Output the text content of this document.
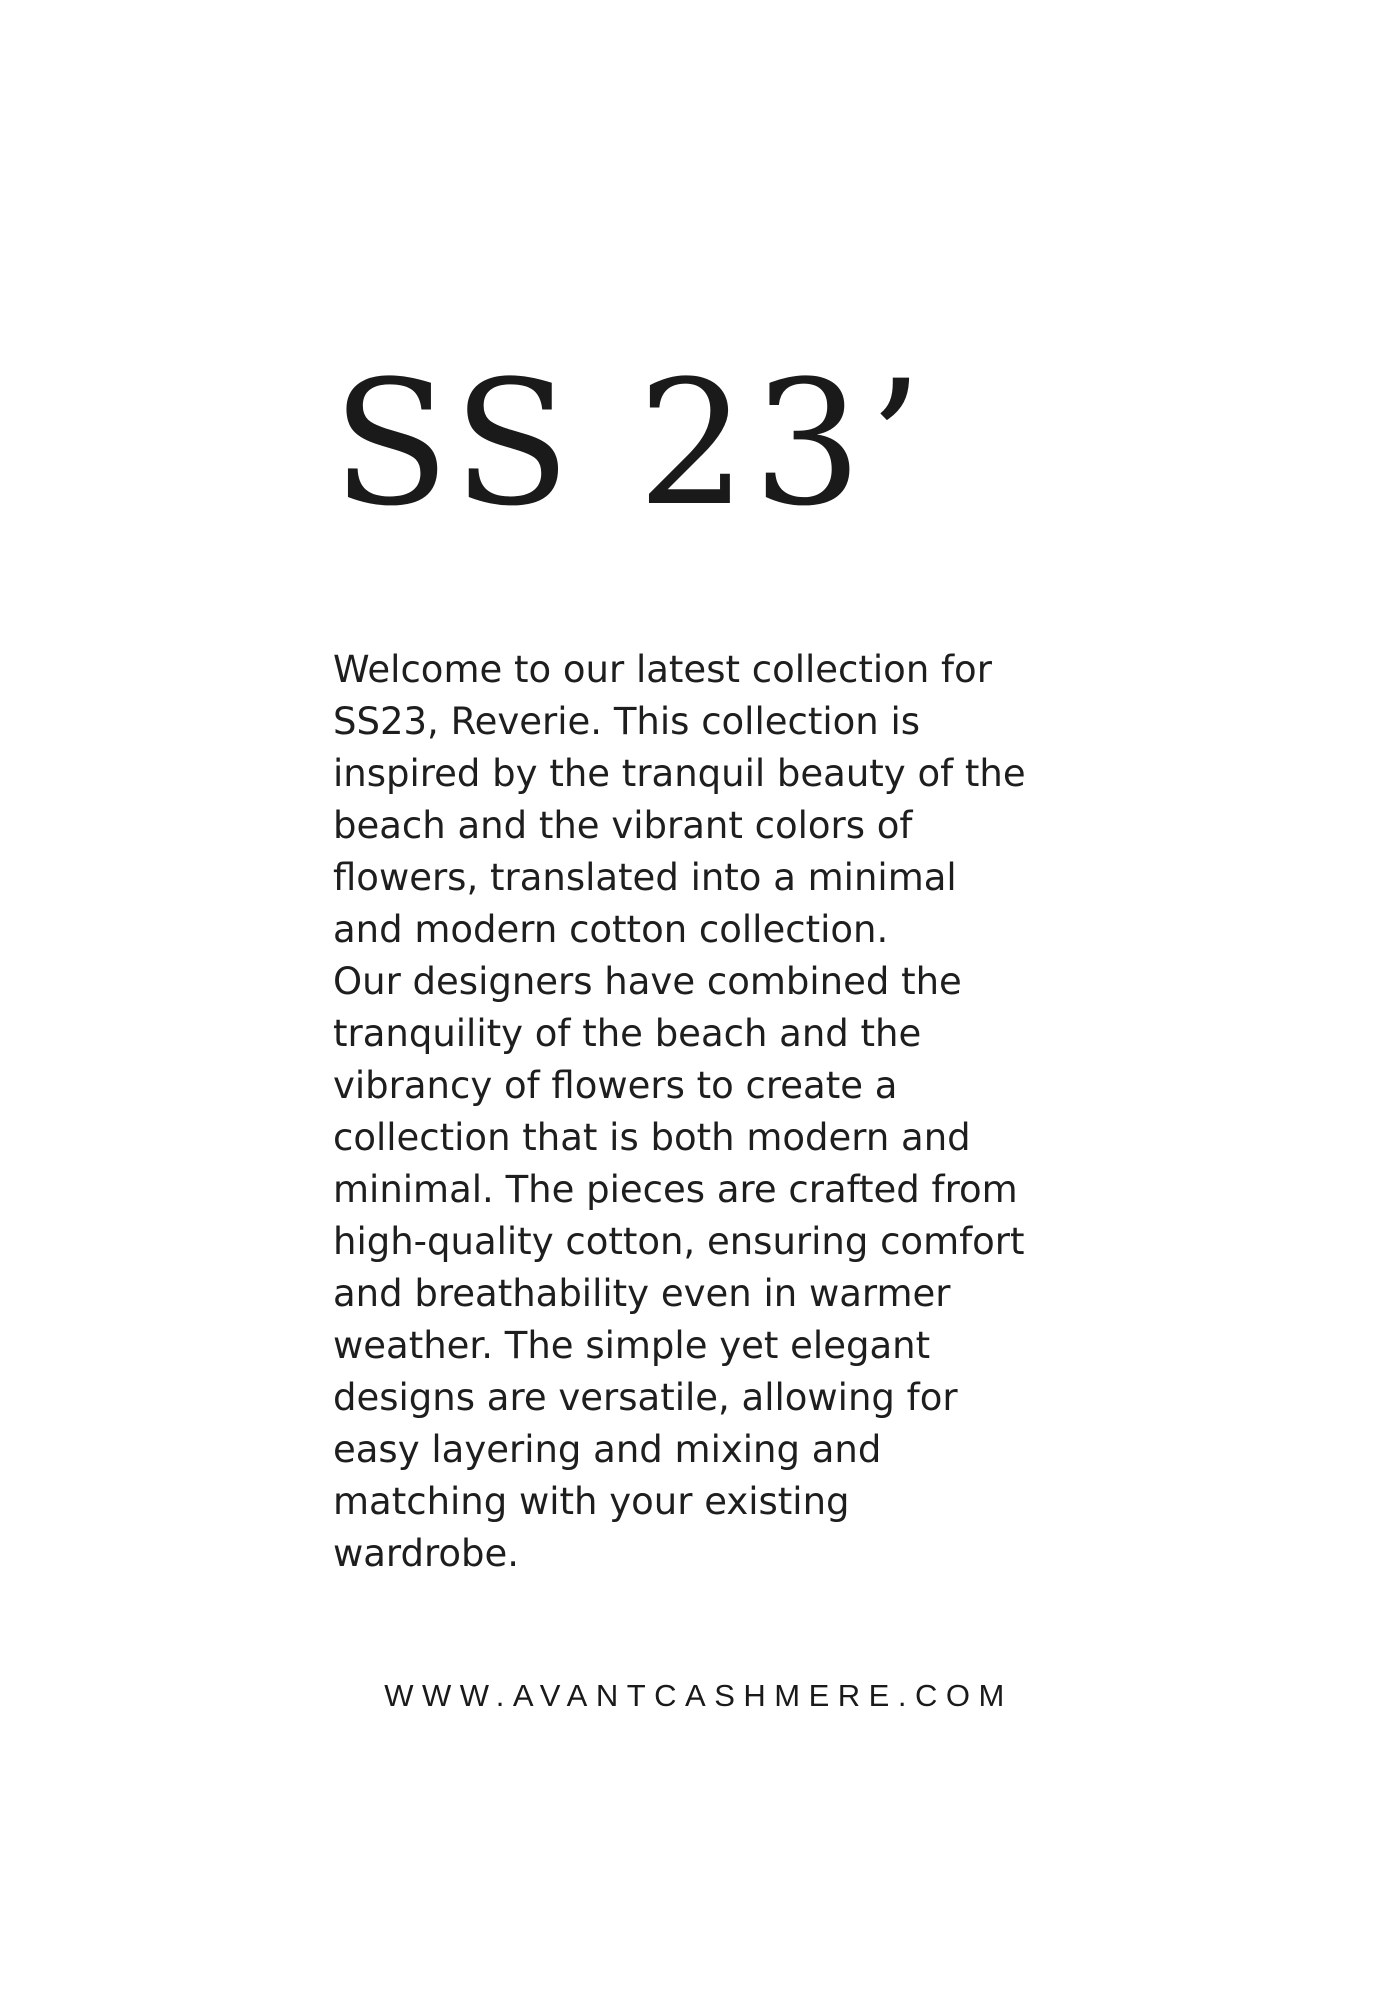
SS 23’
Welcome to our latest collection for
SS23, Reverie. This collection is
inspired by the tranquil beauty of the
beach and the vibrant colors of
flowers, translated into a minimal
and modern cotton collection.
Our designers have combined the
tranquility of the beach and the
vibrancy of flowers to create a
collection that is both modern and
minimal. The pieces are crafted from
high-quality cotton, ensuring comfort
and breathability even in warmer
weather. The simple yet elegant
designs are versatile, allowing for
easy layering and mixing and
matching with your existing
wardrobe.
WWW.AVANTCASHMERE.COM
